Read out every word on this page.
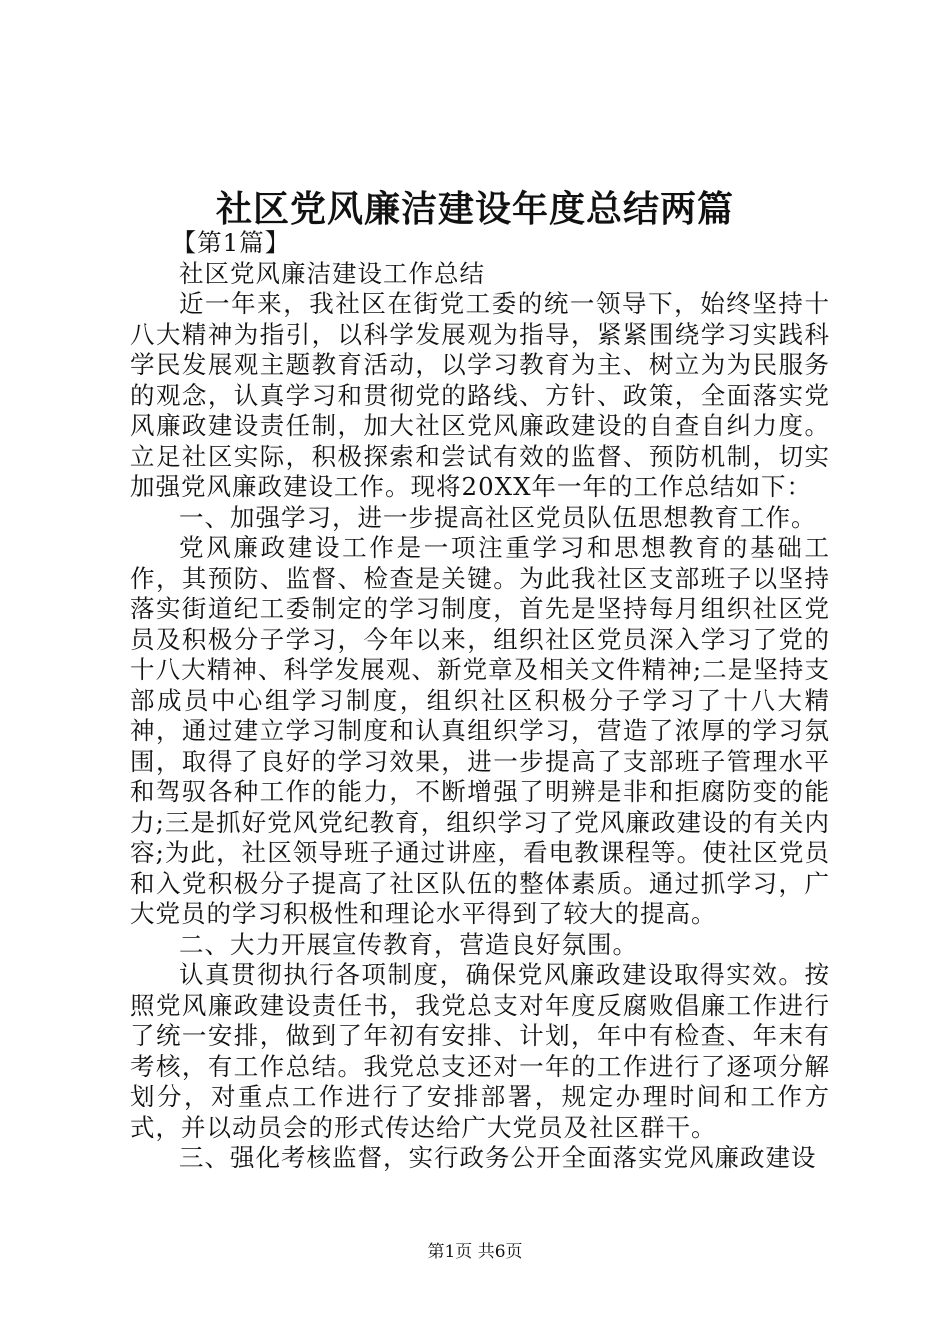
社区党风廉洁建设年度总结两篇

【第1篇】

社区党风廉洁建设工作总结

近一年来，我社区在街党工委的统一领导下，始终坚持十八大精神为指引，以科学发展观为指导，紧紧围绕学习实践科学民发展观主题教育活动，以学习教育为主、树立为为民服务的观念，认真学习和贯彻党的路线、方针、政策，全面落实党风廉政建设责任制，加大社区党风廉政建设的自查自纠力度。立足社区实际，积极探索和尝试有效的监督、预防机制，切实加强党风廉政建设工作。现将20XX年一年的工作总结如下：

一、加强学习，进一步提高社区党员队伍思想教育工作。

党风廉政建设工作是一项注重学习和思想教育的基础工作，其预防、监督、检查是关键。为此我社区支部班子以坚持落实街道纪工委制定的学习制度，首先是坚持每月组织社区党员及积极分子学习，今年以来，组织社区党员深入学习了党的十八大精神、科学发展观、新党章及相关文件精神;二是坚持支部成员中心组学习制度，组织社区积极分子学习了十八大精神，通过建立学习制度和认真组织学习，营造了浓厚的学习氛围，取得了良好的学习效果，进一步提高了支部班子管理水平和驾驭各种工作的能力，不断增强了明辨是非和拒腐防变的能力;三是抓好党风党纪教育，组织学习了党风廉政建设的有关内容;为此，社区领导班子通过讲座，看电教课程等。使社区党员和入党积极分子提高了社区队伍的整体素质。通过抓学习，广大党员的学习积极性和理论水平得到了较大的提高。

二、大力开展宣传教育，营造良好氛围。

认真贯彻执行各项制度，确保党风廉政建设取得实效。按照党风廉政建设责任书，我党总支对年度反腐败倡廉工作进行了统一安排，做到了年初有安排、计划，年中有检查、年末有考核，有工作总结。我党总支还对一年的工作进行了逐项分解划分，对重点工作进行了安排部署，规定办理时间和工作方式，并以动员会的形式传达给广大党员及社区群干。

三、强化考核监督，实行政务公开全面落实党风廉政建设

第1页 共6页
